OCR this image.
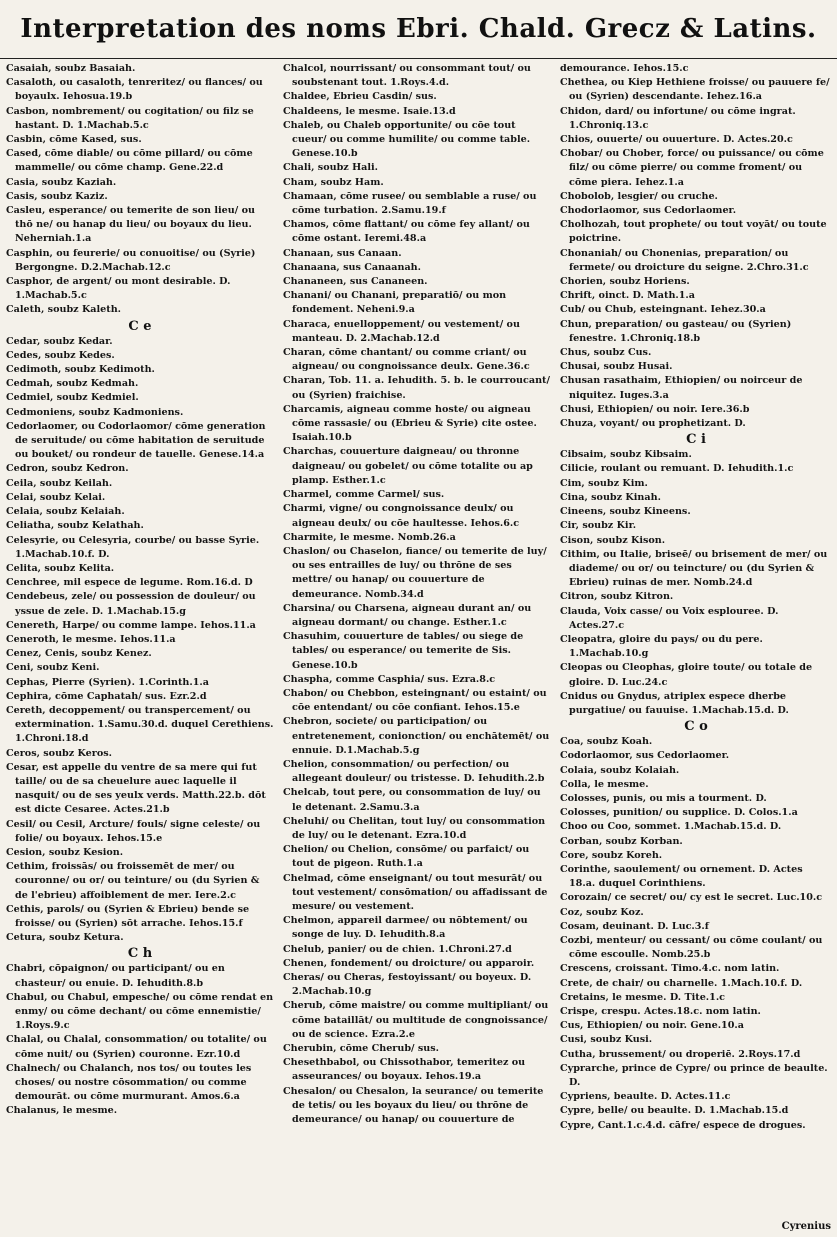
Interpretation des noms Ebri. Chald. Grecz & Latins.
Casaiah, soubz Basaiah.
Casaloth, ou casaloth, tenreritez/ ou flances/ ou boyaulx. Iehosua.19.b
Casbon, nombrement/ ou cogitation/ ou filz se hastant. D. 1.Machab.5.c
Casbin, cōme Kased, sus.
Cased, cōme diable/ ou cōme pillard/ ou cōme mammelle/ ou cōme champ. Gene.22.d
Casia, soubz Kaziah.
Casis, soubz Kaziz.
Casleu, esperance/ ou temerite de son lieu/ ou thō ne/ ou hanap du lieu/ ou boyaux du lieu. Neherniah.1.a
Casphin, ou feurerie/ ou conuoitise/ ou (Syrie) Bergongne. D.2.Machab.12.c
Casphor, de argent/ ou mont desirable. D. 1.Machab.5.c
Caleth, soubz Kaleth.
C e
Cedar, soubz Kedar.
Cedes, soubz Kedes.
Cedimoth, soubz Kedimoth.
Cedmah, soubz Kedmah.
Cedmiel, soubz Kedmiel.
Cedmoniens, soubz Kadmoniens.
Cedorlaomer, ou Codorlaomor/ cōme generation de seruitude/ ou cōme habitation de seruitude ou bouket/ ou rondeur de tauelle. Genese.14.a
Cedron, soubz Kedron.
Ceila, soubz Keilah.
Celai, soubz Kelai.
Celaia, soubz Kelaiah.
Celiatha, soubz Kelathah.
Celesyrie, ou Celesyria, courbe/ ou basse Syrie. 1.Machab.10.f. D.
Celita, soubz Kelita.
Cenchree, mil espece de legume. Rom.16.d. D
Cendebeus, zele/ ou possession de douleur/ ou yssue de zele. D. 1.Machab.15.g
Cenereth, Harpe/ ou comme lampe. Iehos.11.a
Ceneroth, le mesme. Iehos.11.a
Cenez, Cenis, soubz Kenez.
Ceni, soubz Keni.
Cephas, Pierre (Syrien). 1.Corinth.1.a
Cephira, cōme Caphatah/ sus. Ezr.2.d
Cereth, decoppement/ ou transpercement/ ou extermination. 1.Samu.30.d. duquel Cerethiens. 1.Chroni.18.d
Ceros, soubz Keros.
Cesar, est appelle du ventre de sa mere qui fut taille/ ou de sa cheuelure auec laquelle il nasquit/ ou de ses yeulx verds. Matth.22.b. dōt est dicte Cesaree. Actes.21.b
Cesil/ ou Cesil, Arcture/ fouls/ signe celeste/ ou folie/ ou boyaux. Iehos.15.e
Cesion, soubz Kesion.
Cethim, froissās/ ou froissemēt de mer/ ou couronne/ ou or/ ou teinture/ ou (du Syrien & de l'ebrieu) affoiblement de mer. Iere.2.c
Cethis, parols/ ou (Syrien & Ebrieu) bende se froisse/ ou (Syrien) sōt arrache. Iehos.15.f
Cetura, soubz Ketura.
C h
Chabri, cōpaignon/ ou participant/ ou en chasteur/ ou enuie. D. Iehudith.8.b
Chabul, ou Chabul, empesche/ ou cōme rendat en enmy/ ou cōme dechant/ ou cōme ennemistie/ 1.Roys.9.c
Chalal, ou Chalal, consommation/ ou totalite/ ou cōme nuit/ ou (Syrien) couronne. Ezr.10.d
Chalnech/ ou Chalanch, nos tos/ ou toutes les choses/ ou nostre cōsommation/ ou comme demourāt. ou cōme murmurant. Amos.6.a
Chalanus, le mesme.
Chalcol, nourrissant/ ou consommant tout/ ou soubstenant tout. 1.Roys.4.d.
Chaldee, Ebrieu Casdin/ sus.
Chaldeens, le mesme. Isaie.13.d
Chaleb, ou Chaleb opportunite/ ou cōe tout cueur/ ou comme humilite/ ou comme table. Genese.10.b
Chali, soubz Hali.
Cham, soubz Ham.
Chamaan, cōme rusee/ ou semblable a ruse/ ou cōme turbation. 2.Samu.19.f
Chamos, cōme flattant/ ou cōme fey allant/ ou cōme ostant. Ieremi.48.a
Chanaan, sus Canaan.
Chanaana, sus Canaanah.
Chananeen, sus Cananeen.
Chanani/ ou Chanani, preparatiō/ ou mon fondement. Neheni.9.a
Characa, enuelloppement/ ou vestement/ ou manteau. D. 2.Machab.12.d
Charan, cōme chantant/ ou comme criant/ ou aigneau/ ou congnoissance deulx. Gene.36.c
Charan, Tob. 11. a. Iehudith. 5. b. le courroucant/ ou (Syrien) fraichise.
Charcamis, aigneau comme hoste/ ou aigneau cōme rassasie/ ou (Ebrieu & Syrie) cite ostee. Isaiah.10.b
Charchas, couuerture daigneau/ ou thronne daigneau/ ou gobelet/ ou cōme totalite ou ap plamp. Esther.1.c
Charmel, comme Carmel/ sus.
Charmi, vigne/ ou congnoissance deulx/ ou aigneau deulx/ ou cōe haultesse. Iehos.6.c
Charmite, le mesme. Nomb.26.a
Chaslon/ ou Chaselon, fiance/ ou temerite de luy/ ou ses entrailles de luy/ ou thrōne de ses mettre/ ou hanap/ ou couuerture de demeurance. Nomb.34.d
Charsina/ ou Charsena, aigneau durant an/ ou aigneau dormant/ ou change. Esther.1.c
Chasuhim, couuerture de tables/ ou siege de tables/ ou esperance/ ou temerite de Sis. Genese.10.b
Chaspha, comme Casphia/ sus. Ezra.8.c
Chabon/ ou Chebbon, esteingnant/ ou estaint/ ou cōe entendant/ ou cōe confiant. Iehos.15.e
Chebron, societe/ ou participation/ ou entretenement, conionction/ ou enchātemēt/ ou ennuie. D.1.Machab.5.g
Chelion, consommation/ ou perfection/ ou allegeant douleur/ ou tristesse. D. Iehudith.2.b
Chelcab, tout pere, ou consommation de luy/ ou le detenant. 2.Samu.3.a
Cheluhi/ ou Chelitan, tout luy/ ou consommation de luy/ ou le detenant. Ezra.10.d
Chelion/ ou Chelion, consōme/ ou parfaict/ ou tout de pigeon. Ruth.1.a
Chelmad, cōme enseignant/ ou tout mesurāt/ ou tout vestement/ consōmation/ ou affadissant de mesure/ ou vestement.
Chelmon, appareil darmee/ ou nōbtement/ ou songe de luy. D. Iehudith.8.a
Chelub, panier/ ou de chien. 1.Chroni.27.d
Chenen, fondement/ ou droicture/ ou apparoir.
Cheras/ ou Cheras, festoyissant/ ou boyeux. D. 2.Machab.10.g
Cherub, cōme maistre/ ou comme multipliant/ ou cōme bataillāt/ ou multitude de congnoissance/ ou de science. Ezra.2.e
Cherubin, cōme Cherub/ sus.
Chesethbabol, ou Chissothabor, temeritez ou asseurances/ ou boyaux. Iehos.19.a
Chesalon/ ou Chesalon, la seurance/ ou temerite de tetis/ ou les boyaux du lieu/ ou thrōne de demeurance/ ou hanap/ ou couuerture de
demourance. Iehos.15.c
Chethea, ou Kiep Hethiene froisse/ ou pauuere fe/ ou (Syrien) descendante. Iehez.16.a
Chidon, dard/ ou infortune/ ou cōme ingrat. 1.Chroniq.13.c
Chios, ouuerte/ ou ouuerture. D. Actes.20.c
Chobar/ ou Chober, force/ ou puissance/ ou cōme filz/ ou cōme pierre/ ou comme froment/ ou cōme piera. Iehez.1.a
Chobolob, lesgier/ ou cruche.
Chodorlaomor, sus Cedorlaomer.
Cholhozah, tout prophete/ ou tout voyāt/ ou toute poictrine.
Chonaniah/ ou Chonenias, preparation/ ou fermete/ ou droicture du seigne. 2.Chro.31.c
Chorien, soubz Horiens.
Chrift, oinct. D. Math.1.a
Cub/ ou Chub, esteingnant. Iehez.30.a
Chun, preparation/ ou gasteau/ ou (Syrien) fenestre. 1.Chroniq.18.b
Chus, soubz Cus.
Chusai, soubz Husai.
Chusan rasathaim, Ethiopien/ ou noirceur de niquitez. Iuges.3.a
Chusi, Ethiopien/ ou noir. Iere.36.b
Chuza, voyant/ ou prophetizant. D.
C i
Cibsaim, soubz Kibsaim.
Cilicie, roulant ou remuant. D. Iehudith.1.c
Cim, soubz Kim.
Cina, soubz Kinah.
Cineens, soubz Kineens.
Cir, soubz Kir.
Cison, soubz Kison.
Cithim, ou Italie, briseē/ ou brisement de mer/ ou diademe/ ou or/ ou teincture/ ou (du Syrien & Ebrieu) ruinas de mer. Nomb.24.d
Citron, soubz Kitron.
Clauda, Voix casse/ ou Voix esplouree. D. Actes.27.c
Cleopatra, gloire du pays/ ou du pere. 1.Machab.10.g
Cleopas ou Cleophas, gloire toute/ ou totale de gloire. D. Luc.24.c
Cnidus ou Gnydus, atriplex espece dherbe purgatiue/ ou fauuise. 1.Machab.15.d. D.
C o
Coa, soubz Koah.
Codorlaomor, sus Cedorlaomer.
Colaia, soubz Kolaiah.
Colla, le mesme.
Colosses, punis, ou mis a tourment. D.
Colosses, punition/ ou supplice. D. Colos.1.a
Choo ou Coo, sommet. 1.Machab.15.d. D.
Corban, soubz Korban.
Core, soubz Koreh.
Corinthe, saoulement/ ou ornement. D. Actes 18.a. duquel Corinthiens.
Corozain/ ce secret/ ou/ cy est le secret. Luc.10.c
Coz, soubz Koz.
Cosam, deuinant. D. Luc.3.f
Cozbi, menteur/ ou cessant/ ou cōme coulant/ ou cōme escoulle. Nomb.25.b
Crescens, croissant. Timo.4.c. nom latin.
Crete, de chair/ ou charnelle. 1.Mach.10.f. D.
Cretains, le mesme. D. Tite.1.c
Crispe, crespu. Actes.18.c. nom latin.
Cus, Ethiopien/ ou noir. Gene.10.a
Cusi, soubz Kusi.
Cutha, brussement/ ou droperiē. 2.Roys.17.d
Cyprarche, prince de Cypre/ ou prince de beaulte. D.
Cypriens, beaulte. D. Actes.11.c
Cypre, belle/ ou beaulte. D. 1.Machab.15.d
Cypre, Cant.1.c.4.d. cāfre/ espece de drogues.
Cyrenius
